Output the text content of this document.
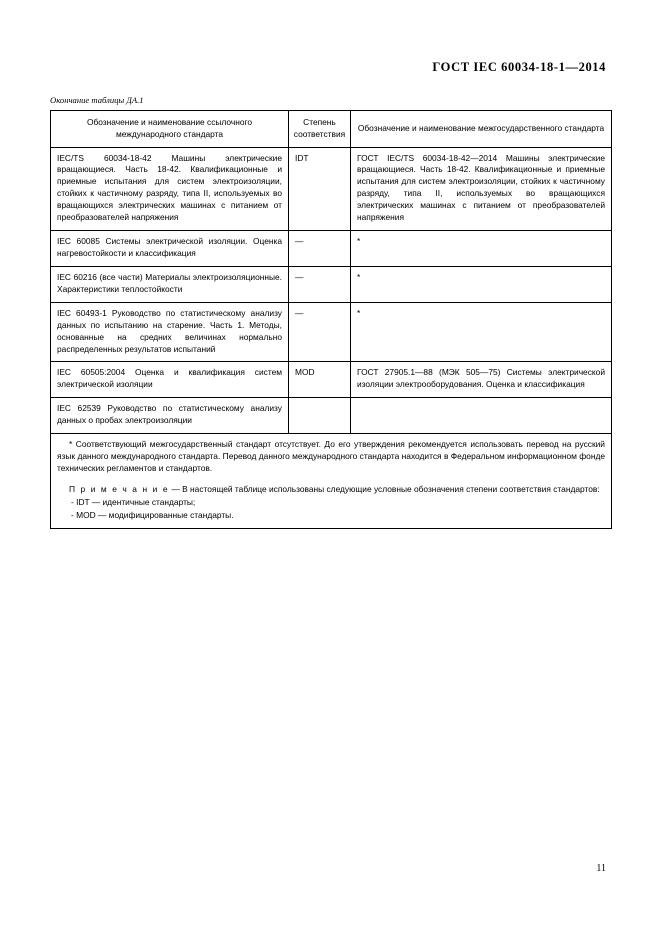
ГОСТ IEC 60034-18-1—2014
Окончание таблицы ДА.1
Обозначение и наименование ссылочного международного стандарта	Степень соответствия	Обозначение и наименование межгосударственного стандарта
IEC/TS 60034-18-42 Машины электрические вращающиеся. Часть 18-42. Квалификационные и приемные испытания для систем электроизоляции, стойких к частичному разряду, типа II, используемых во вращающихся электрических машинах с питанием от преобразователей напряжения	IDT	ГОСТ IEC/TS 60034-18-42—2014 Машины электрические вращающиеся. Часть 18-42. Квалификационные и приемные испытания для систем электроизоляции, стойких к частичному разряду, типа II, используемых во вращающихся электрических машинах с питанием от преобразователей напряжения
IEC 60085 Системы электрической изоляции. Оценка нагревостойкости и классификация	—	*
IEC 60216 (все части) Материалы электроизоляционные. Характеристики теплостойкости	—	*
IEC 60493-1 Руководство по статистическому анализу данных по испытанию на старение. Часть 1. Методы, основанные на средних величинах нормально распределенных результатов испытаний	—	*
IEC 60505:2004 Оценка и квалификация систем электрической изоляции	MOD	ГОСТ 27905.1—88 (МЭК 505—75) Системы электрической изоляции электрооборудования. Оценка и классификация
IEC 62539 Руководство по статистическому анализу данных о пробах электроизоляции		

* Соответствующий межгосударственный стандарт отсутствует. До его утверждения рекомендуется использовать перевод на русский язык данного международного стандарта. Перевод данного международного стандарта находится в Федеральном информационном фонде технических регламентов и стандартов.

П р и м е ч а н и е — В настоящей таблице использованы следующие условные обозначения степени соответствия стандартов:

- IDT — идентичные стандарты;

- MOD — модифицированные стандарты.		

11
